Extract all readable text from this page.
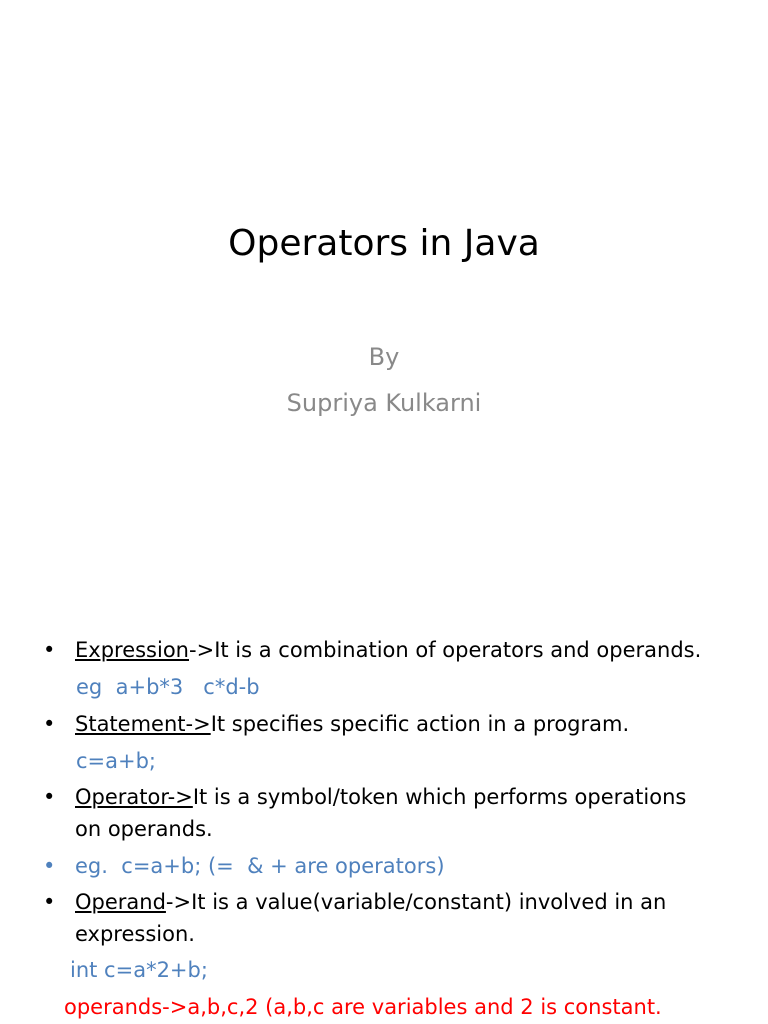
Operators in Java
By
Supriya Kulkarni
• Expression->It is a combination of operators and operands.
eg  a+b*3   c*d-b
• Statement->It specifies specific action in a program.
c=a+b;
• Operator->It is a symbol/token which performs operations
on operands.
• eg.  c=a+b; (=  & + are operators)
• Operand->It is a value(variable/constant) involved in an
expression.
int c=a*2+b;
operands->a,b,c,2 (a,b,c are variables and 2 is constant.
